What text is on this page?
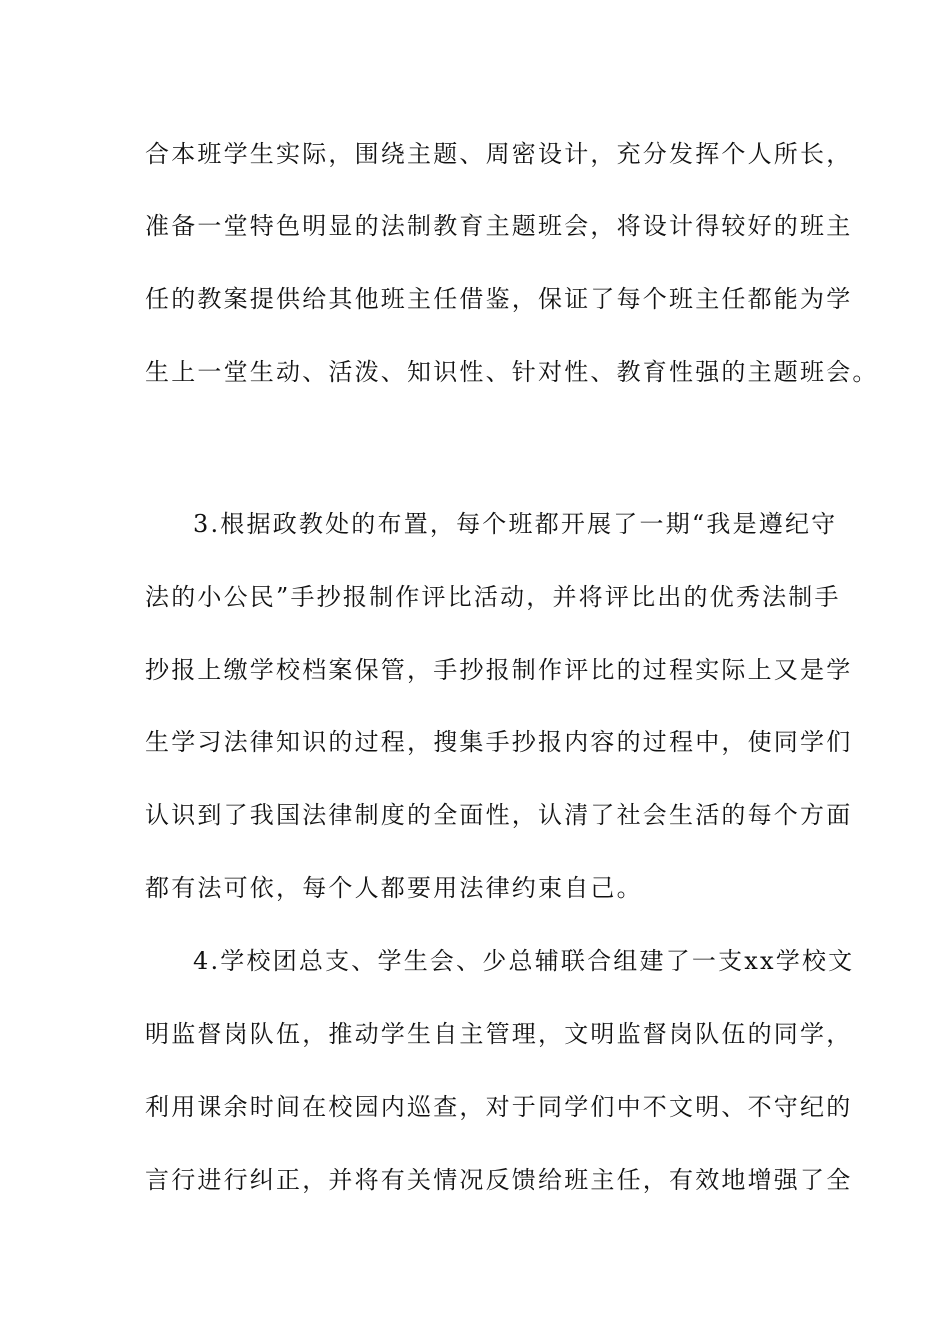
合本班学生实际，围绕主题、周密设计，充分发挥个人所长，
准备一堂特色明显的法制教育主题班会，将设计得较好的班主
任的教案提供给其他班主任借鉴，保证了每个班主任都能为学
生上一堂生动、活泼、知识性、针对性、教育性强的主题班会。
3.根据政教处的布置，每个班都开展了一期“我是遵纪守
法的小公民”手抄报制作评比活动，并将评比出的优秀法制手
抄报上缴学校档案保管，手抄报制作评比的过程实际上又是学
生学习法律知识的过程，搜集手抄报内容的过程中，使同学们
认识到了我国法律制度的全面性，认清了社会生活的每个方面
都有法可依，每个人都要用法律约束自己。
4.学校团总支、学生会、少总辅联合组建了一支xx学校文
明监督岗队伍，推动学生自主管理，文明监督岗队伍的同学，
利用课余时间在校园内巡查，对于同学们中不文明、不守纪的
言行进行纠正，并将有关情况反馈给班主任，有效地增强了全
